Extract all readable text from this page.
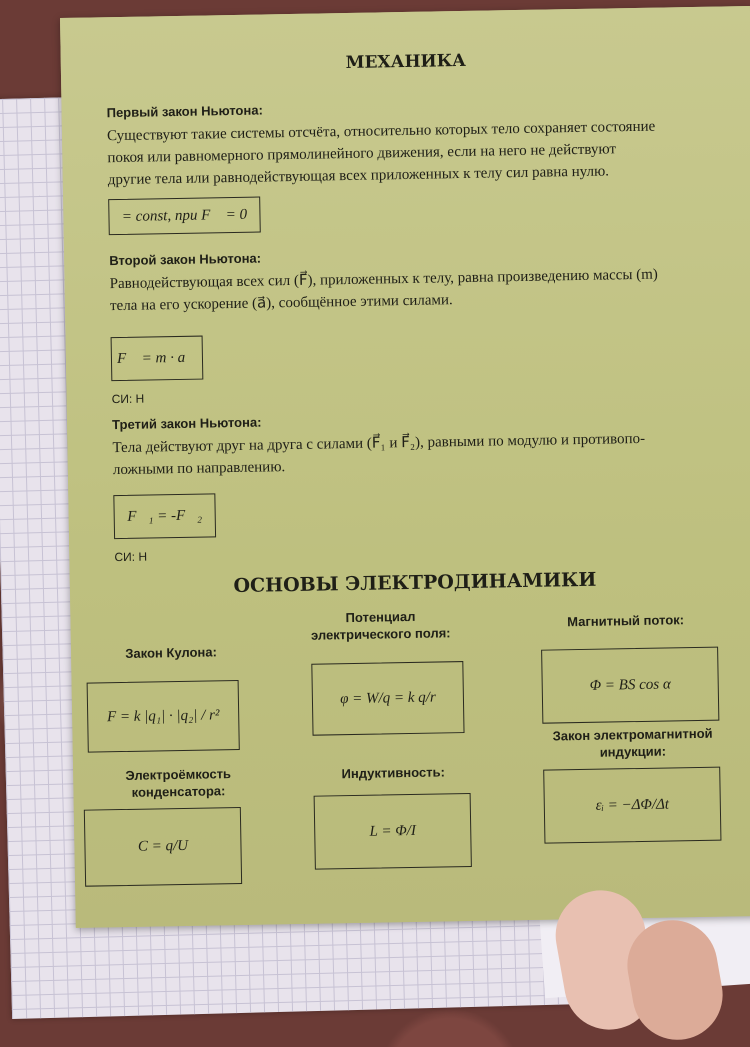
МЕХАНИКА
Первый закон Ньютона:
Существуют такие системы отсчёта, относительно которых тело сохраняет состояние
покоя или равномерного прямолинейного движения, если на него не действуют
другие тела или равнодействующая всех приложенных к телу сил равна нулю.
= const, при F⃗ = 0
Второй закон Ньютона:
Равнодействующая всех сил (F⃗), приложенных к телу, равна произведению массы (m)
тела на его ускорение (a⃗), сообщённое этими силами.
F⃗ = m · a⃗
СИ: Н
Третий закон Ньютона:
Тела действуют друг на друга с силами (F⃗₁ и F⃗₂), равными по модулю и противопо-
ложными по направлению.
F⃗₁ = -F⃗₂
СИ: Н
ОСНОВЫ ЭЛЕКТРОДИНАМИКИ
Закон Кулона:
F = k |q₁| · |q₂| / r²
Потенциал
электрического поля:
φ = W/q = k q/r
Магнитный поток:
Φ = BS cos α
Электроёмкость
конденсатора:
C = q/U
Индуктивность:
L = Φ/I
Закон электромагнитной
индукции:
εᵢ = −ΔΦ/Δt
